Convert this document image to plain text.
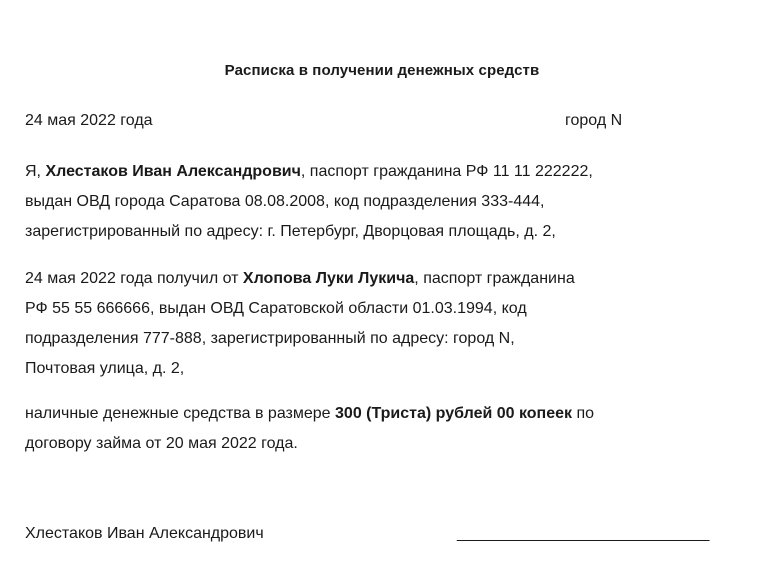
Расписка в получении денежных средств
24 мая 2022 года	город N
Я, Хлестаков Иван Александрович, паспорт гражданина РФ 11 11 222222,
выдан ОВД города Саратова 08.08.2008, код подразделения 333-444,
зарегистрированный по адресу: г. Петербург, Дворцовая площадь, д. 2,
24 мая 2022 года получил от Хлопова Луки Лукича, паспорт гражданина
РФ 55 55 666666, выдан ОВД Саратовской области 01.03.1994, код
подразделения 777-888, зарегистрированный по адресу: город N,
Почтовая улица, д. 2,
наличные денежные средства в размере 300 (Триста) рублей 00 копеек по
договору займа от 20 мая 2022 года.
Хлестаков Иван Александрович	______________________________
